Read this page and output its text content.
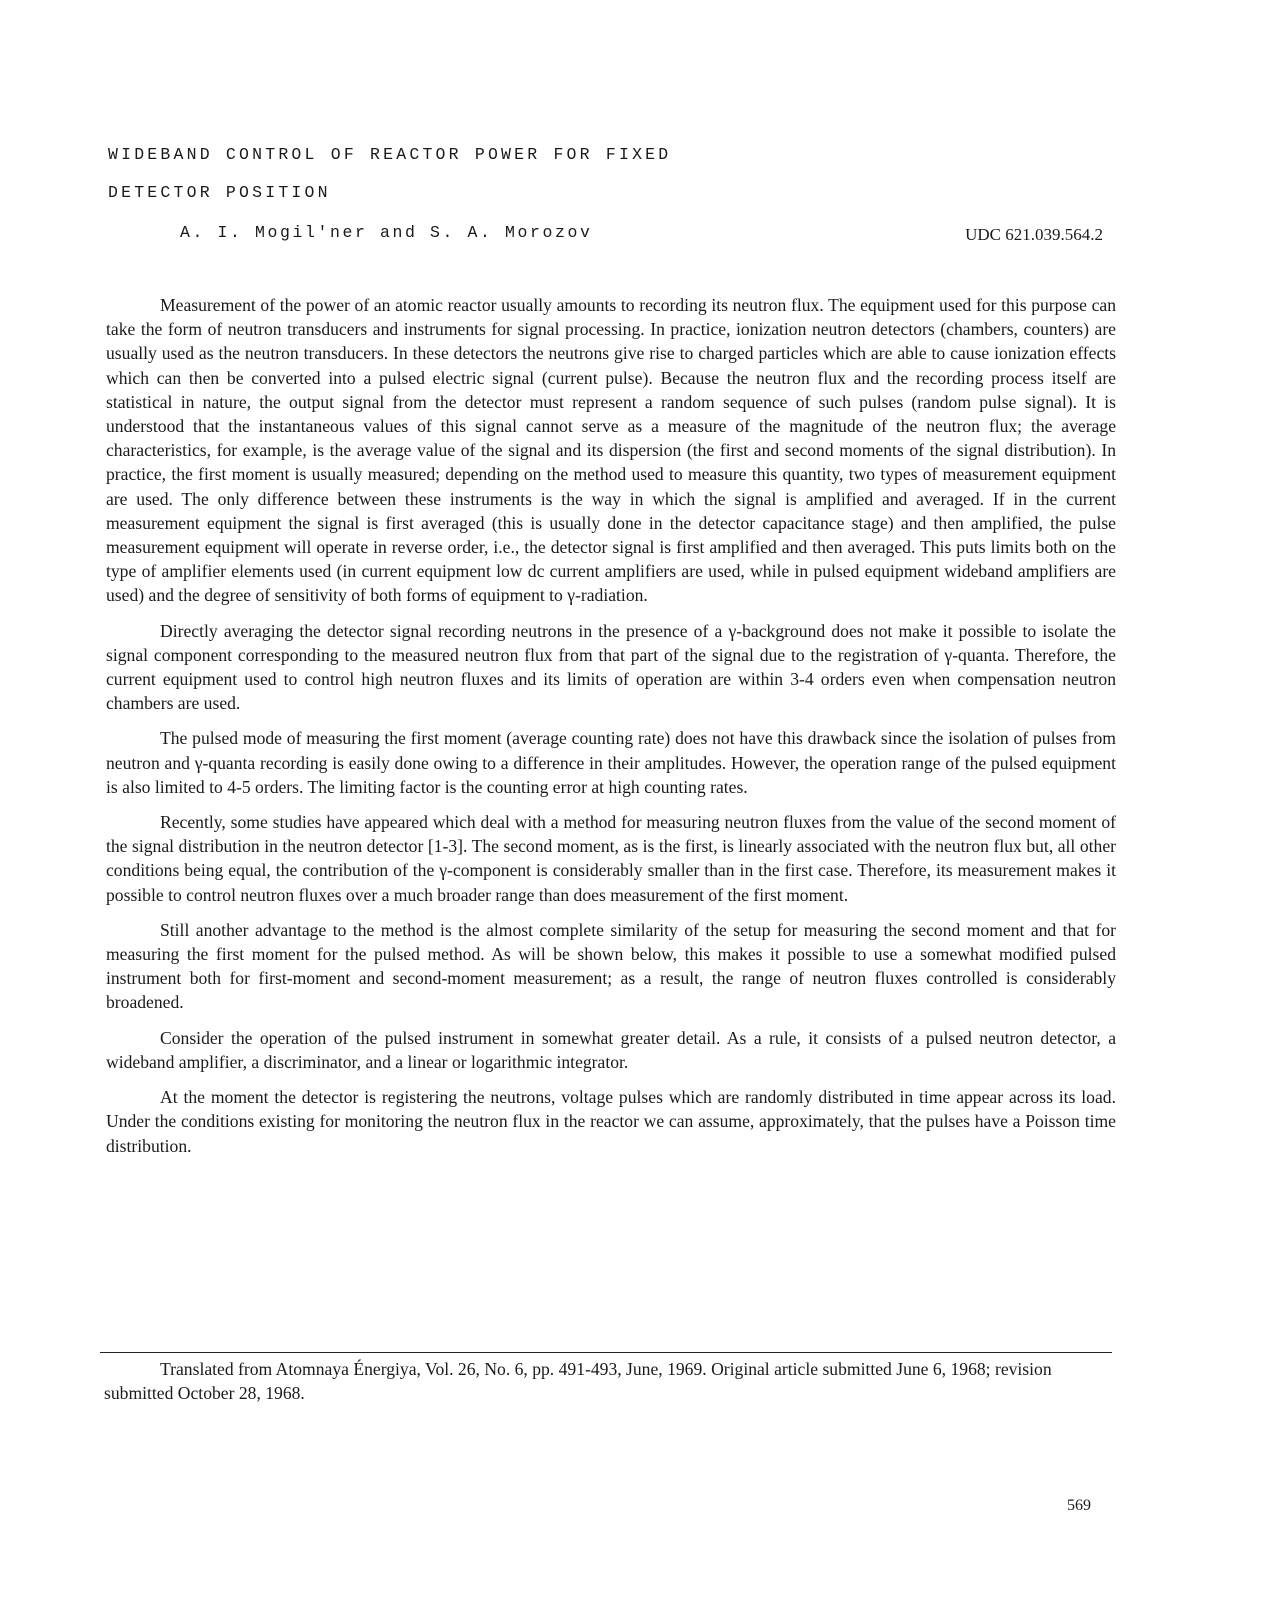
WIDEBAND CONTROL OF REACTOR POWER FOR FIXED
DETECTOR POSITION

A. I. Mogil'ner and S. A. Morozov	UDC 621.039.564.2

Measurement of the power of an atomic reactor usually amounts to recording its neutron flux. The equipment used for this purpose can take the form of neutron transducers and instruments for signal processing. In practice, ionization neutron detectors (chambers, counters) are usually used as the neutron transducers. In these detectors the neutrons give rise to charged particles which are able to cause ionization effects which can then be converted into a pulsed electric signal (current pulse). Because the neutron flux and the recording process itself are statistical in nature, the output signal from the detector must represent a random sequence of such pulses (random pulse signal). It is understood that the instantaneous values of this signal cannot serve as a measure of the magnitude of the neutron flux; the average characteristics, for example, is the average value of the signal and its dispersion (the first and second moments of the signal distribution). In practice, the first moment is usually measured; depending on the method used to measure this quantity, two types of measurement equipment are used. The only difference between these instruments is the way in which the signal is amplified and averaged. If in the current measurement equipment the signal is first averaged (this is usually done in the detector capacitance stage) and then amplified, the pulse measurement equipment will operate in reverse order, i.e., the detector signal is first amplified and then averaged. This puts limits both on the type of amplifier elements used (in current equipment low dc current amplifiers are used, while in pulsed equipment wideband amplifiers are used) and the degree of sensitivity of both forms of equipment to γ-radiation.

Directly averaging the detector signal recording neutrons in the presence of a γ-background does not make it possible to isolate the signal component corresponding to the measured neutron flux from that part of the signal due to the registration of γ-quanta. Therefore, the current equipment used to control high neutron fluxes and its limits of operation are within 3-4 orders even when compensation neutron chambers are used.

The pulsed mode of measuring the first moment (average counting rate) does not have this drawback since the isolation of pulses from neutron and γ-quanta recording is easily done owing to a difference in their amplitudes. However, the operation range of the pulsed equipment is also limited to 4-5 orders. The limiting factor is the counting error at high counting rates.

Recently, some studies have appeared which deal with a method for measuring neutron fluxes from the value of the second moment of the signal distribution in the neutron detector [1-3]. The second moment, as is the first, is linearly associated with the neutron flux but, all other conditions being equal, the contribution of the γ-component is considerably smaller than in the first case. Therefore, its measurement makes it possible to control neutron fluxes over a much broader range than does measurement of the first moment.

Still another advantage to the method is the almost complete similarity of the setup for measuring the second moment and that for measuring the first moment for the pulsed method. As will be shown below, this makes it possible to use a somewhat modified pulsed instrument both for first-moment and second-moment measurement; as a result, the range of neutron fluxes controlled is considerably broadened.

Consider the operation of the pulsed instrument in somewhat greater detail. As a rule, it consists of a pulsed neutron detector, a wideband amplifier, a discriminator, and a linear or logarithmic integrator.

At the moment the detector is registering the neutrons, voltage pulses which are randomly distributed in time appear across its load. Under the conditions existing for monitoring the neutron flux in the reactor we can assume, approximately, that the pulses have a Poisson time distribution.

Translated from Atomnaya Énergiya, Vol. 26, No. 6, pp. 491-493, June, 1969. Original article submitted June 6, 1968; revision submitted October 28, 1968.

569
